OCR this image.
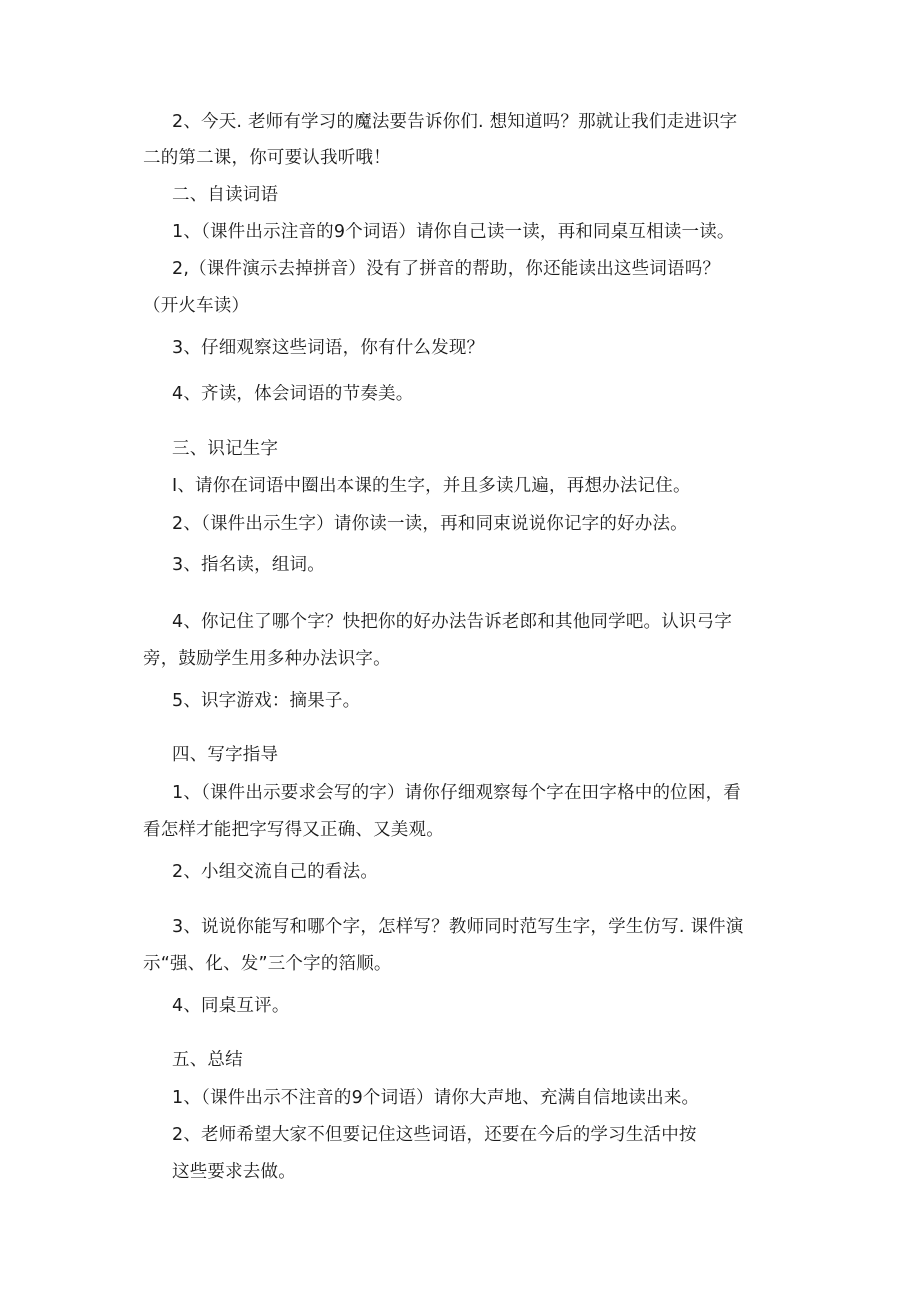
2、今天. 老师有学习的魔法要告诉你们. 想知道吗？那就让我们走进识字

二的第二课，你可要认我听哦！

二、自读词语

1、（课件出示注音的9个词语）请你自己读一读，再和同桌互相读一读。

2,（课件演示去掉拼音）没有了拼音的帮助，你还能读出这些词语吗？

（开火车读）

3、仔细观察这些词语，你有什么发现？

4、齐读，体会词语的节奏美。

三、识记生字

I、请你在词语中圈出本课的生字，并且多读几遍，再想办法记住。

2、（课件出示生字）请你读一读，再和同束说说你记字的好办法。

3、指名读，组词。

4、你记住了哪个字？快把你的好办法告诉老郎和其他同学吧。认识弓字

旁，鼓励学生用多种办法识字。

5、识字游戏：摘果子。

四、写字指导

1、（课件出示要求会写的字）请你仔细观察每个字在田字格中的位困，看

看怎样才能把字写得又正确、又美观。

2、小组交流自己的看法。

3、说说你能写和哪个字，怎样写？教师同时范写生字，学生仿写. 课件演

示“强、化、发”三个字的箔顺。

4、同桌互评。

五、总结

1、（课件出示不注音的9个词语）请你大声地、充满自信地读出来。

2、老师希望大家不但要记住这些词语，还要在今后的学习生活中按

这些要求去做。
